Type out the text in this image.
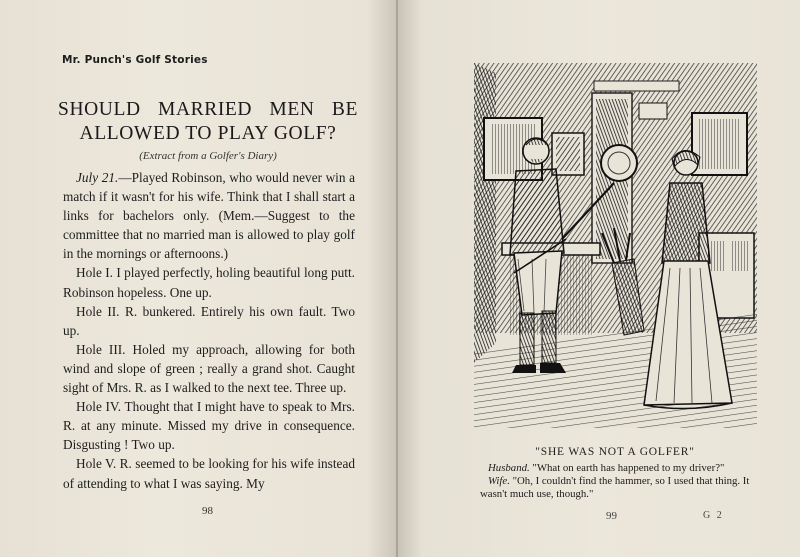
Mr. Punch's Golf Stories
SHOULD MARRIED MEN BE ALLOWED TO PLAY GOLF?
(Extract from a Golfer's Diary)

July 21.—Played Robinson, who would never win a match if it wasn't for his wife. Think that I shall start a links for bachelors only. (Mem.—Suggest to the committee that no married man is allowed to play golf in the mornings or afternoons.)

Hole I. I played perfectly, holing beautiful long putt. Robinson hopeless. One up.

Hole II. R. bunkered. Entirely his own fault. Two up.

Hole III. Holed my approach, allowing for both wind and slope of green ; really a grand shot. Caught sight of Mrs. R. as I walked to the next tee. Three up.

Hole IV. Thought that I might have to speak to Mrs. R. at any minute. Missed my drive in consequence. Disgusting ! Two up.

Hole V. R. seemed to be looking for his wife instead of attending to what I was saying. My

98
"SHE WAS NOT A GOLFER"

Husband. "What on earth has happened to my driver?"

Wife. "Oh, I couldn't find the hammer, so I used that thing. It wasn't much use, though."

99	G 2
